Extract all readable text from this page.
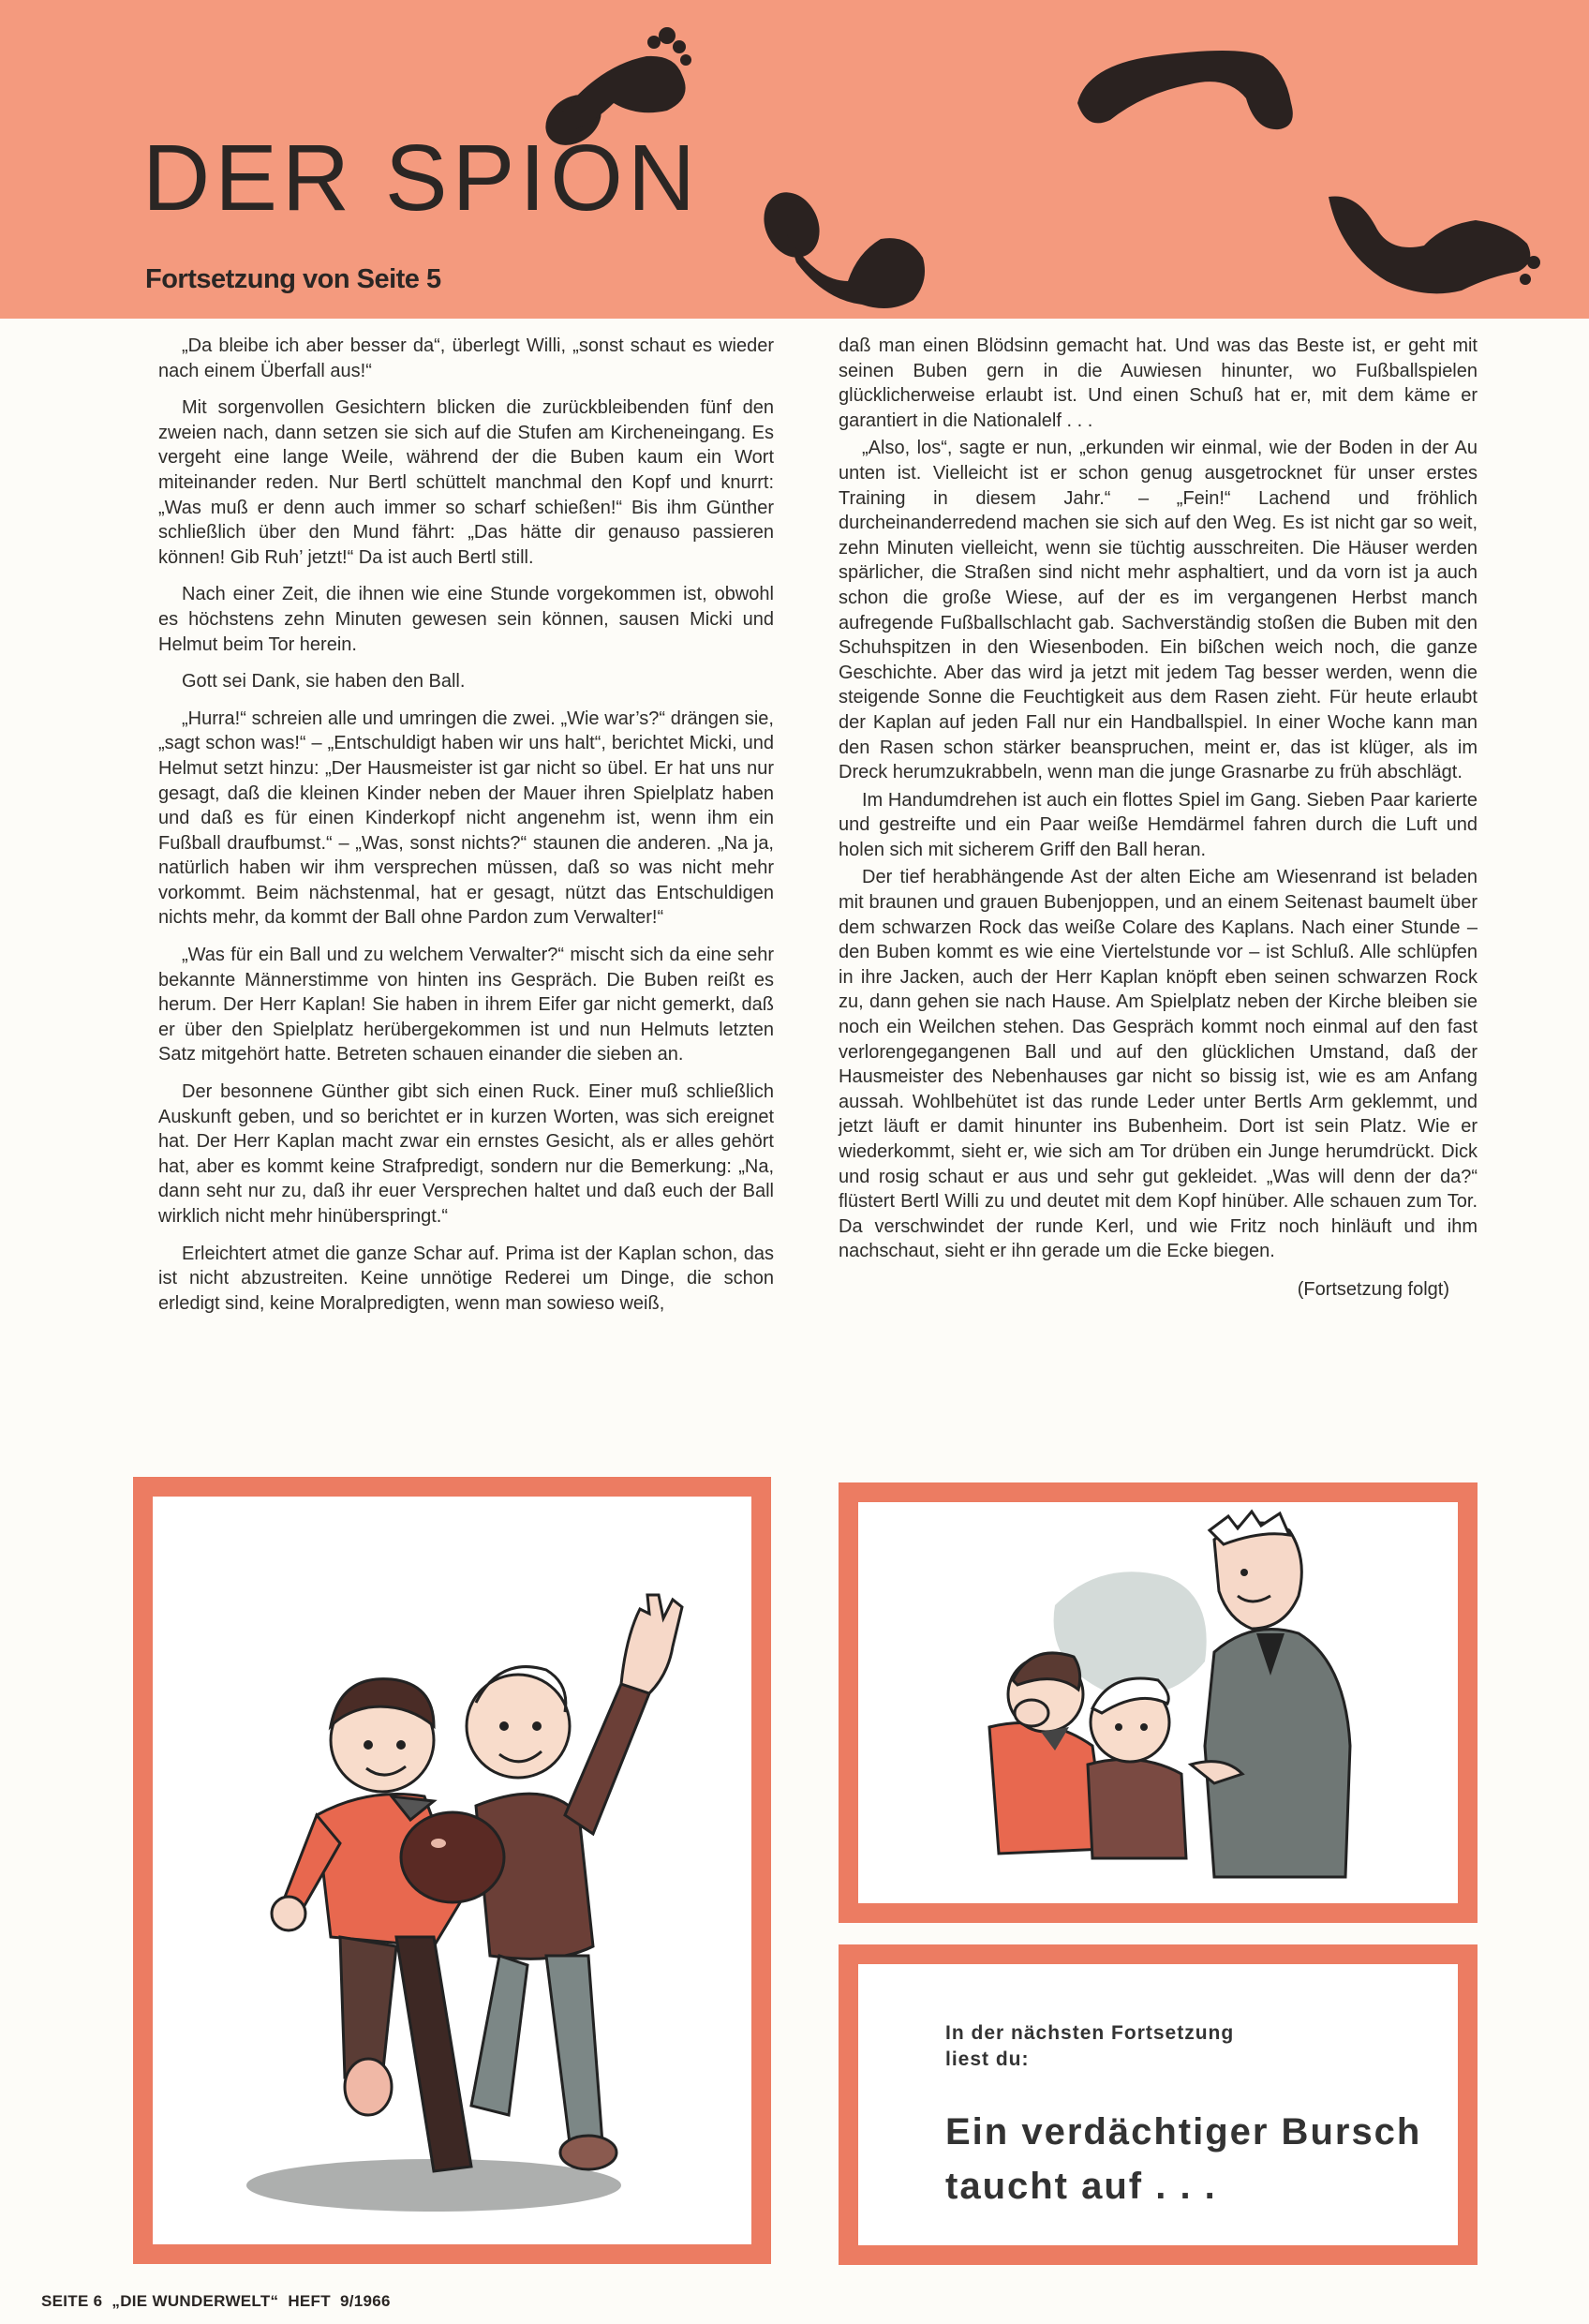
DER SPION

Fortsetzung von Seite 5

„Da bleibe ich aber besser da“, überlegt Willi, „sonst schaut es wieder nach einem Überfall aus!“

Mit sorgenvollen Gesichtern blicken die zurückbleibenden fünf den zweien nach, dann setzen sie sich auf die Stufen am Kircheneingang. Es vergeht eine lange Weile, während der die Buben kaum ein Wort miteinander reden. Nur Bertl schüttelt manchmal den Kopf und knurrt: „Was muß er denn auch immer so scharf schießen!“ Bis ihm Günther schließlich über den Mund fährt: „Das hätte dir genauso passieren können! Gib Ruh’ jetzt!“ Da ist auch Bertl still.

Nach einer Zeit, die ihnen wie eine Stunde vorgekommen ist, obwohl es höchstens zehn Minuten gewesen sein können, sausen Micki und Helmut beim Tor herein.

Gott sei Dank, sie haben den Ball.

„Hurra!“ schreien alle und umringen die zwei. „Wie war’s?“ drängen sie, „sagt schon was!“ – „Entschuldigt haben wir uns halt“, berichtet Micki, und Helmut setzt hinzu: „Der Hausmeister ist gar nicht so übel. Er hat uns nur gesagt, daß die kleinen Kinder neben der Mauer ihren Spielplatz haben und daß es für einen Kinderkopf nicht angenehm ist, wenn ihm ein Fußball draufbumst.“ – „Was, sonst nichts?“ staunen die anderen. „Na ja, natürlich haben wir ihm versprechen müssen, daß so was nicht mehr vorkommt. Beim nächstenmal, hat er gesagt, nützt das Entschuldigen nichts mehr, da kommt der Ball ohne Pardon zum Verwalter!“

„Was für ein Ball und zu welchem Verwalter?“ mischt sich da eine sehr bekannte Männerstimme von hinten ins Gespräch. Die Buben reißt es herum. Der Herr Kaplan! Sie haben in ihrem Eifer gar nicht gemerkt, daß er über den Spielplatz herübergekommen ist und nun Helmuts letzten Satz mitgehört hatte. Betreten schauen einander die sieben an.

Der besonnene Günther gibt sich einen Ruck. Einer muß schließlich Auskunft geben, und so berichtet er in kurzen Worten, was sich ereignet hat. Der Herr Kaplan macht zwar ein ernstes Gesicht, als er alles gehört hat, aber es kommt keine Strafpredigt, sondern nur die Bemerkung: „Na, dann seht nur zu, daß ihr euer Versprechen haltet und daß euch der Ball wirklich nicht mehr hinüberspringt.“

Erleichtert atmet die ganze Schar auf. Prima ist der Kaplan schon, das ist nicht abzustreiten. Keine unnötige Rederei um Dinge, die schon erledigt sind, keine Moralpredigten, wenn man sowieso weiß,

daß man einen Blödsinn gemacht hat. Und was das Beste ist, er geht mit seinen Buben gern in die Auwiesen hinunter, wo Fußballspielen glücklicherweise erlaubt ist. Und einen Schuß hat er, mit dem käme er garantiert in die Nationalelf . . .

„Also, los“, sagte er nun, „erkunden wir einmal, wie der Boden in der Au unten ist. Vielleicht ist er schon genug ausgetrocknet für unser erstes Training in diesem Jahr.“ – „Fein!“ Lachend und fröhlich durcheinanderredend machen sie sich auf den Weg. Es ist nicht gar so weit, zehn Minuten vielleicht, wenn sie tüchtig ausschreiten. Die Häuser werden spärlicher, die Straßen sind nicht mehr asphaltiert, und da vorn ist ja auch schon die große Wiese, auf der es im vergangenen Herbst manch aufregende Fußballschlacht gab. Sachverständig stoßen die Buben mit den Schuhspitzen in den Wiesenboden. Ein bißchen weich noch, die ganze Geschichte. Aber das wird ja jetzt mit jedem Tag besser werden, wenn die steigende Sonne die Feuchtigkeit aus dem Rasen zieht. Für heute erlaubt der Kaplan auf jeden Fall nur ein Handballspiel. In einer Woche kann man den Rasen schon stärker beanspruchen, meint er, das ist klüger, als im Dreck herumzukrabbeln, wenn man die junge Grasnarbe zu früh abschlägt.

Im Handumdrehen ist auch ein flottes Spiel im Gang. Sieben Paar karierte und gestreifte und ein Paar weiße Hemdärmel fahren durch die Luft und holen sich mit sicherem Griff den Ball heran.

Der tief herabhängende Ast der alten Eiche am Wiesenrand ist beladen mit braunen und grauen Bubenjoppen, und an einem Seitenast baumelt über dem schwarzen Rock das weiße Colare des Kaplans. Nach einer Stunde – den Buben kommt es wie eine Viertelstunde vor – ist Schluß. Alle schlüpfen in ihre Jacken, auch der Herr Kaplan knöpft eben seinen schwarzen Rock zu, dann gehen sie nach Hause. Am Spielplatz neben der Kirche bleiben sie noch ein Weilchen stehen. Das Gespräch kommt noch einmal auf den fast verlorengegangenen Ball und auf den glücklichen Umstand, daß der Hausmeister des Nebenhauses gar nicht so bissig ist, wie es am Anfang aussah. Wohlbehütet ist das runde Leder unter Bertls Arm geklemmt, und jetzt läuft er damit hinunter ins Bubenheim. Dort ist sein Platz. Wie er wiederkommt, sieht er, wie sich am Tor drüben ein Junge herumdrückt. Dick und rosig schaut er aus und sehr gut gekleidet. „Was will denn der da?“ flüstert Bertl Willi zu und deutet mit dem Kopf hinüber. Alle schauen zum Tor. Da verschwindet der runde Kerl, und wie Fritz noch hinläuft und ihm nachschaut, sieht er ihn gerade um die Ecke biegen.

(Fortsetzung folgt)

In der nächsten Fortsetzung
liest du:

Ein verdächtiger Bursch
taucht auf . . .

SEITE 6 „DIE WUNDERWELT“ HEFT 9/1966
